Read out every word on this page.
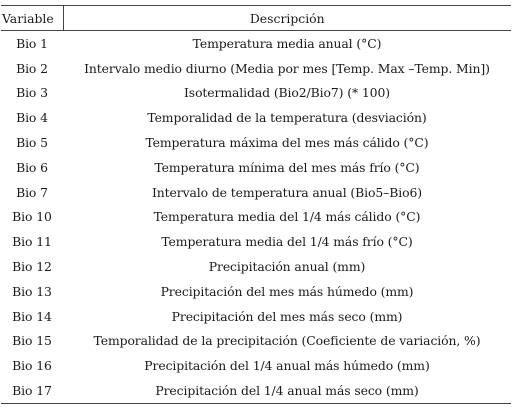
Variable	Descripción
Bio 1	Temperatura media anual (°C)
Bio 2	Intervalo medio diurno (Media por mes [Temp. Max –Temp. Min])
Bio 3	Isotermalidad (Bio2/Bio7) (* 100)
Bio 4	Temporalidad de la temperatura (desviación)
Bio 5	Temperatura máxima del mes más cálido (°C)
Bio 6	Temperatura mínima del mes más frío (°C)
Bio 7	Intervalo de temperatura anual (Bio5–Bio6)
Bio 10	Temperatura media del 1/4 más cálido (°C)
Bio 11	Temperatura media del 1/4 más frío (°C)
Bio 12	Precipitación anual (mm)
Bio 13	Precipitación del mes más húmedo (mm)
Bio 14	Precipitación del mes más seco (mm)
Bio 15	Temporalidad de la precipitación (Coeficiente de variación, %)
Bio 16	Precipitación del 1/4 anual más húmedo (mm)
Bio 17	Precipitación del 1/4 anual más seco (mm)
